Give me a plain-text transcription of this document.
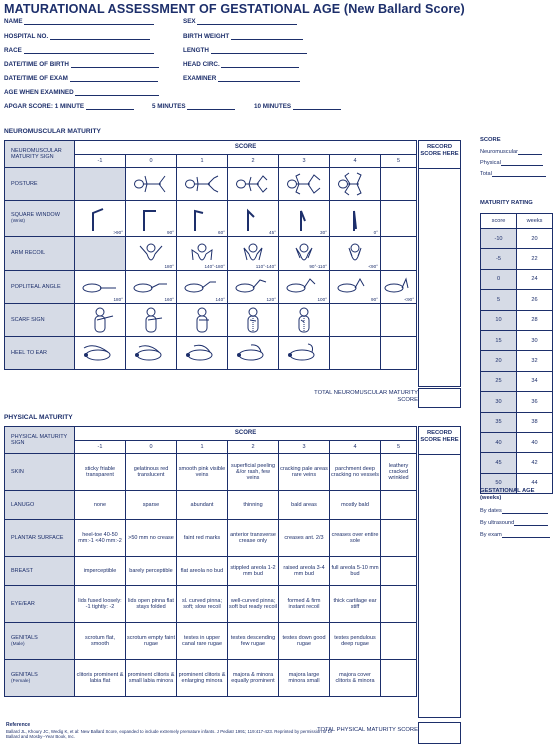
MATURATIONAL ASSESSMENT OF GESTATIONAL AGE (New Ballard Score)
NAME
HOSPITAL NO.
RACE
DATE/TIME OF BIRTH
DATE/TIME OF EXAM
AGE WHEN EXAMINED
SEX
BIRTH WEIGHT
LENGTH
HEAD CIRC.
EXAMINER
APGAR SCORE: 1 MINUTE	5 MINUTES	10 MINUTES
NEUROMUSCULAR MATURITY
NEUROMUSCULAR MATURITY SIGN	SCORE							
	-1	0	1	2	3	4	5	
POSTURE		

SQUARE WINDOW
(Wrist)	>90°	90°	60°	45°	30°	0°		

ARM RECOIL		180°	140°-180°	110°-140°	90°-110°	<90°		

POPLITEAL ANGLE	180°	160°	140°	120°	100°	90°	<90°	

SCARF SIGN	

HEEL TO EAR	

TOTAL NEUROMUSCULAR MATURITY SCORE
RECORD SCORE HERE
PHYSICAL MATURITY
PHYSICAL MATURITY SIGN	SCORE						
	-1	0	1	2	3	4	5
SKIN	sticky friable transparent	gelatinous red translucent	smooth pink visible veins	superficial peeling &/or rash, few veins	cracking pale areas rare veins	parchment deep cracking no vessels	leathery cracked wrinkled
LANUGO	none	sparse	abundant	thinning	bald areas	mostly bald	
PLANTAR SURFACE	heel-toe 40-50 mm:-1 <40 mm:-2	>50 mm no crease	faint red marks	anterior transverse crease only	creases ant. 2/3	creases over entire sole	
BREAST	imperceptible	barely perceptible	flat areola no bud	stippled areola 1-2 mm bud	raised areola 3-4 mm bud	full areola 5-10 mm bud	
EYE/EAR	lids fused loosely: -1 tightly: -2	lids open pinna flat stays folded	sl. curved pinna; soft; slow recoil	well-curved pinna; soft but ready recoil	formed & firm instant recoil	thick cartilage ear stiff	
GENITALS
(Male)	scrotum flat, smooth	scrotum empty faint rugae	testes in upper canal rare rugae	testes descending few rugae	testes down good rugae	testes pendulous deep rugae	
GENITALS
(Female)	clitoris prominent & labia flat	prominent clitoris & small labia minora	prominent clitoris & enlarging minora	majora & minora equally prominent	majora large minora small	majora cover clitoris & minora	
RECORD SCORE HERE
TOTAL PHYSICAL MATURITY SCORE
SCORE
Neuromuscular
Physical
Total
MATURITY RATING
score	weeks
-10	20
-5	22
0	24
5	26
10	28
15	30
20	32
25	34
30	36
35	38
40	40
45	42
50	44
GESTATIONAL AGE (weeks)
By dates
By ultrasound
By exam
Reference
Ballard JL, Khoury JC, Wedig K, et al: New Ballard Score, expanded to include extremely premature infants. J Pediatr 1991; 119:417-423. Reprinted by permission of Dr Ballard and Mosby--Year Book, Inc.
